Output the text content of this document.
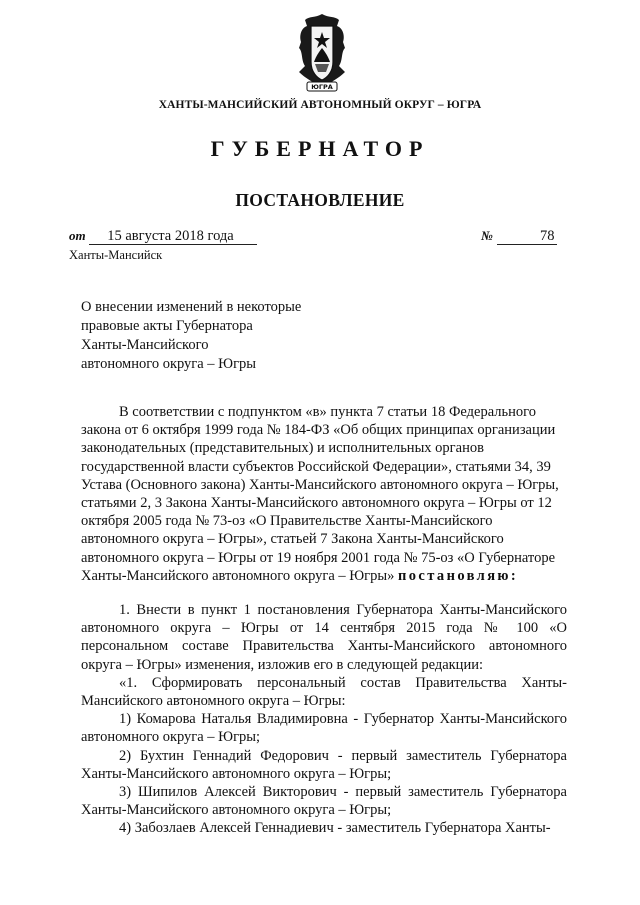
ЮГРА
ХАНТЫ-МАНСИЙСКИЙ АВТОНОМНЫЙ ОКРУГ – ЮГРА
ГУБЕРНАТОР
ПОСТАНОВЛЕНИЕ
от 15 августа 2018 года	№	78
Ханты-Мансийск
О внесении изменений в некоторые
правовые акты Губернатора
Ханты-Мансийского
автономного округа – Югры

В соответствии с подпунктом «в» пункта 7 статьи 18 Федерального закона от 6 октября 1999 года № 184-ФЗ «Об общих принципах организации законодательных (представительных) и исполнительных органов государственной власти субъектов Российской Федерации», статьями 34, 39 Устава (Основного закона) Ханты-Мансийского автономного округа – Югры, статьями 2, 3 Закона Ханты-Мансийского автономного округа – Югры от 12 октября 2005 года № 73-оз «О Правительстве Ханты-Мансийского автономного округа – Югры», статьей 7 Закона Ханты-Мансийского автономного округа – Югры от 19 ноября 2001 года № 75-оз «О Губернаторе Ханты-Мансийского автономного округа – Югры» постановляю:

1. Внести в пункт 1 постановления Губернатора Ханты-Мансийского автономного округа – Югры от 14 сентября 2015 года № 100 «О персональном составе Правительства Ханты-Мансийского автономного округа – Югры» изменения, изложив его в следующей редакции:

«1. Сформировать персональный состав Правительства Ханты-Мансийского автономного округа – Югры:

1) Комарова Наталья Владимировна - Губернатор Ханты-Мансийского автономного округа – Югры;

2) Бухтин Геннадий Федорович - первый заместитель Губернатора Ханты-Мансийского автономного округа – Югры;

3) Шипилов Алексей Викторович - первый заместитель Губернатора Ханты-Мансийского автономного округа – Югры;

4) Забозлаев Алексей Геннадиевич - заместитель Губернатора Ханты-
